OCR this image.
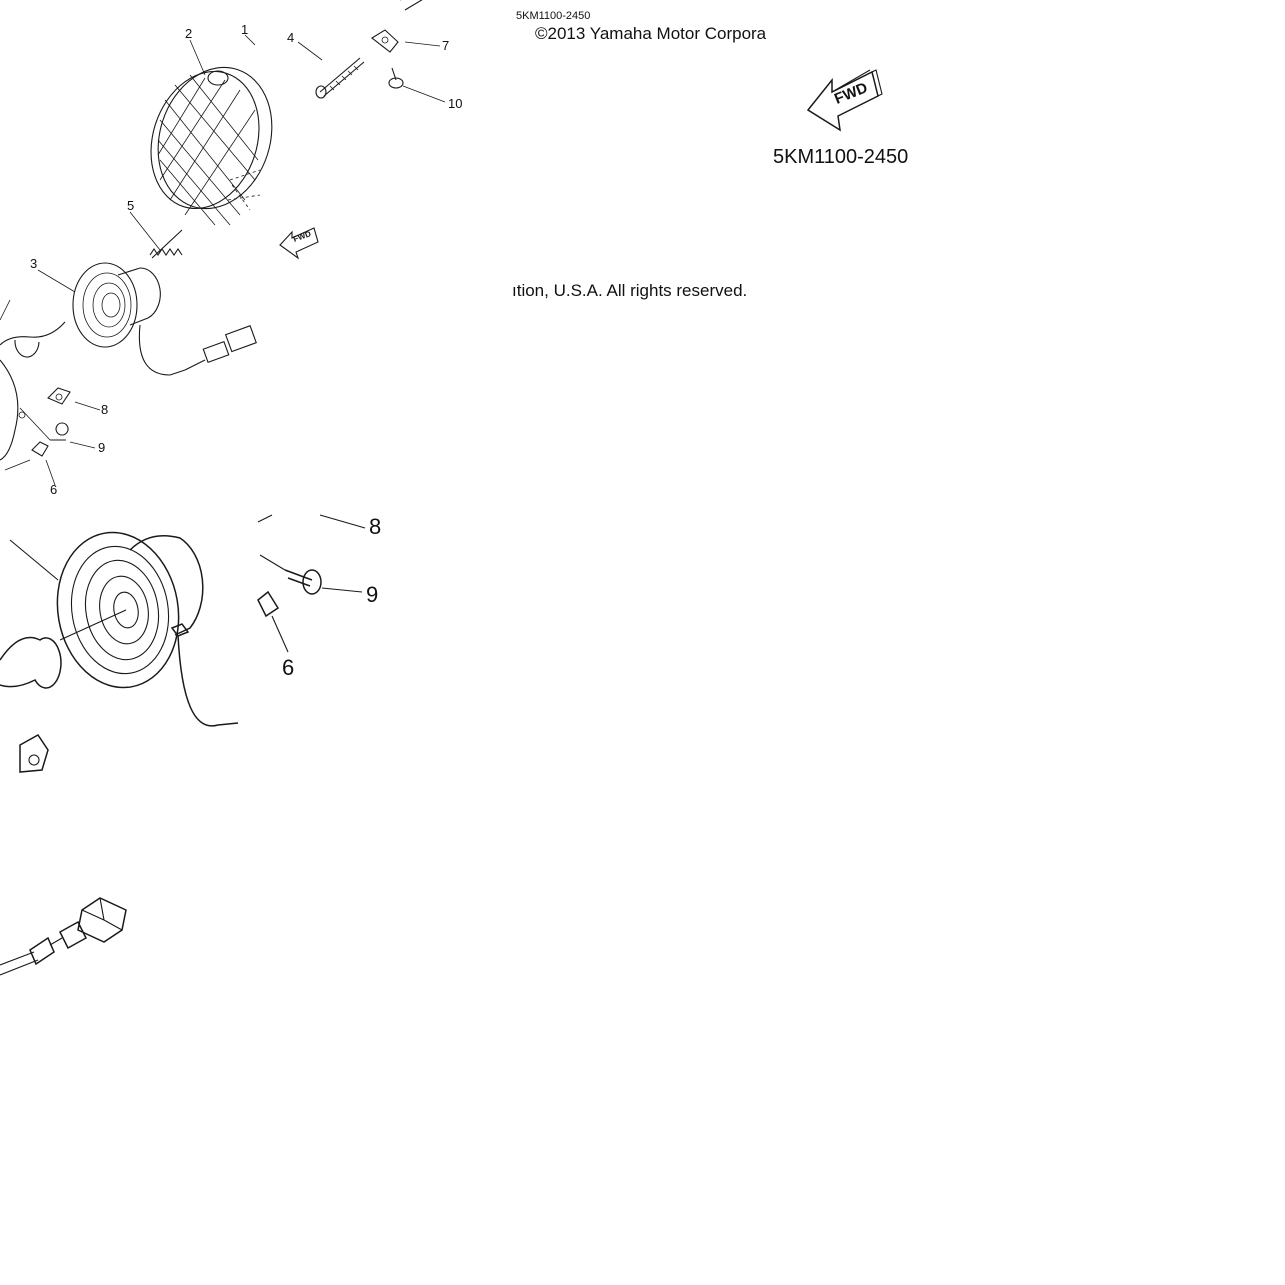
2	1
5
3
8
9
6
FWD
4
7
10
5KM1100-2450
©2013 Yamaha Motor Corpora
ıtion, U.S.A. All rights reserved.
FWD
5KM1100-2450
8
9
6
